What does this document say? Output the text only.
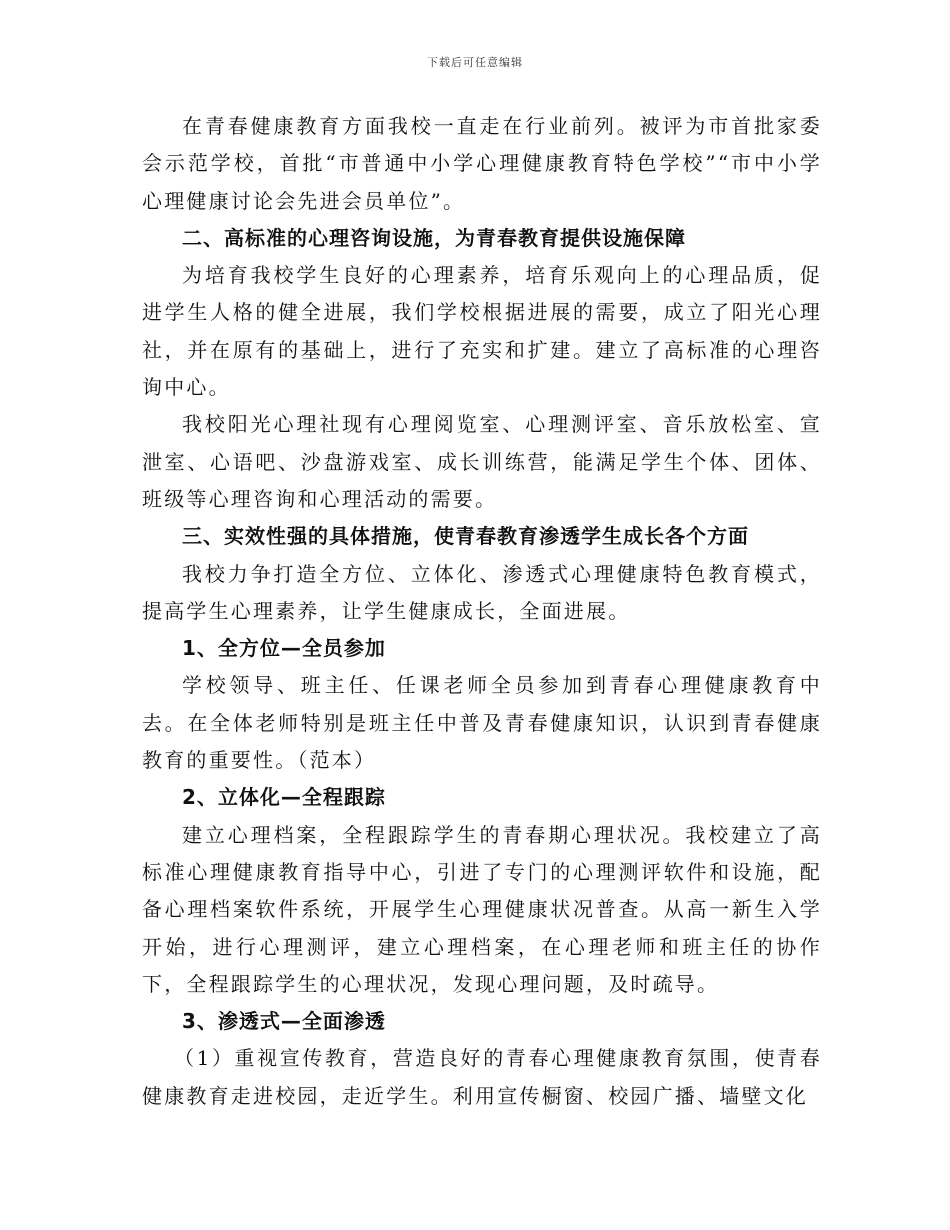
下载后可任意编辑

在青春健康教育方面我校一直走在行业前列。被评为市首批家委会示范学校，首批“市普通中小学心理健康教育特色学校”“市中小学心理健康讨论会先进会员单位”。

二、高标准的心理咨询设施，为青春教育提供设施保障

为培育我校学生良好的心理素养，培育乐观向上的心理品质，促进学生人格的健全进展，我们学校根据进展的需要，成立了阳光心理社，并在原有的基础上，进行了充实和扩建。建立了高标准的心理咨询中心。

我校阳光心理社现有心理阅览室、心理测评室、音乐放松室、宣泄室、心语吧、沙盘游戏室、成长训练营，能满足学生个体、团体、班级等心理咨询和心理活动的需要。

三、实效性强的具体措施，使青春教育渗透学生成长各个方面

我校力争打造全方位、立体化、渗透式心理健康特色教育模式，提高学生心理素养，让学生健康成长，全面进展。

1、全方位—全员参加

学校领导、班主任、任课老师全员参加到青春心理健康教育中去。在全体老师特别是班主任中普及青春健康知识，认识到青春健康教育的重要性。（范本）

2、立体化—全程跟踪

建立心理档案，全程跟踪学生的青春期心理状况。我校建立了高标准心理健康教育指导中心，引进了专门的心理测评软件和设施，配备心理档案软件系统，开展学生心理健康状况普查。从高一新生入学开始，进行心理测评，建立心理档案，在心理老师和班主任的协作下，全程跟踪学生的心理状况，发现心理问题，及时疏导。

3、渗透式—全面渗透

（1）重视宣传教育，营造良好的青春心理健康教育氛围，使青春健康教育走进校园，走近学生。利用宣传橱窗、校园广播、墙壁文化
